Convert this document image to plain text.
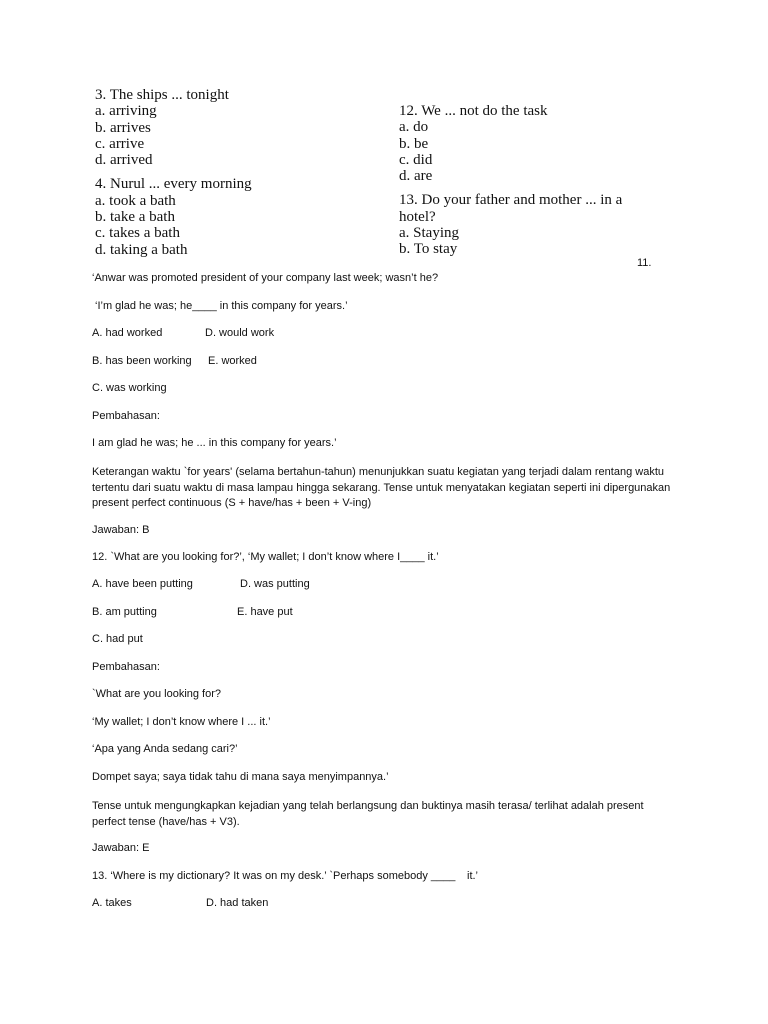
3. The ships ... tonight
a. arriving
b. arrives
c. arrive
d. arrived
4. Nurul ... every morning
a. took a bath
b. take a bath
c. takes a bath
d. taking a bath
12. We ... not do the task
a. do
b. be
c. did
d. are
13. Do your father and mother ... in a
hotel?
a. Staying
b. To stay
11.
‘Anwar was promoted president of your company last week; wasn’t he?
‘I’m glad he was; he____ in this company for years.’
A. had worked	D. would work
B. has been working E. worked
C. was working
Pembahasan:
I am glad he was; he ... in this company for years.’
Keterangan waktu `for years' (selama bertahun-tahun) menunjukkan suatu kegiatan yang terjadi dalam rentang waktu tertentu dari suatu waktu di masa lampau hingga sekarang. Tense untuk menyatakan kegiatan seperti ini dipergunakan present perfect continuous (S + have/has + been + V-ing)
Jawaban: B
12. `What are you looking for?’, ‘My wallet; I don’t know where I____ it.’
A. have been putting	D. was putting
B. am putting	E. have put
C. had put
Pembahasan:
`What are you looking for?
‘My wallet; I don’t know where I ... it.’
‘Apa yang Anda sedang cari?’
Dompet saya; saya tidak tahu di mana saya menyimpannya.’
Tense untuk mengungkapkan kejadian yang telah berlangsung dan buktinya masih terasa/ terlihat adalah present perfect tense (have/has + V3).
Jawaban: E
13. ‘Where is my dictionary? It was on my desk.’ `Perhaps somebody ____ it.’
A. takes	D. had taken
